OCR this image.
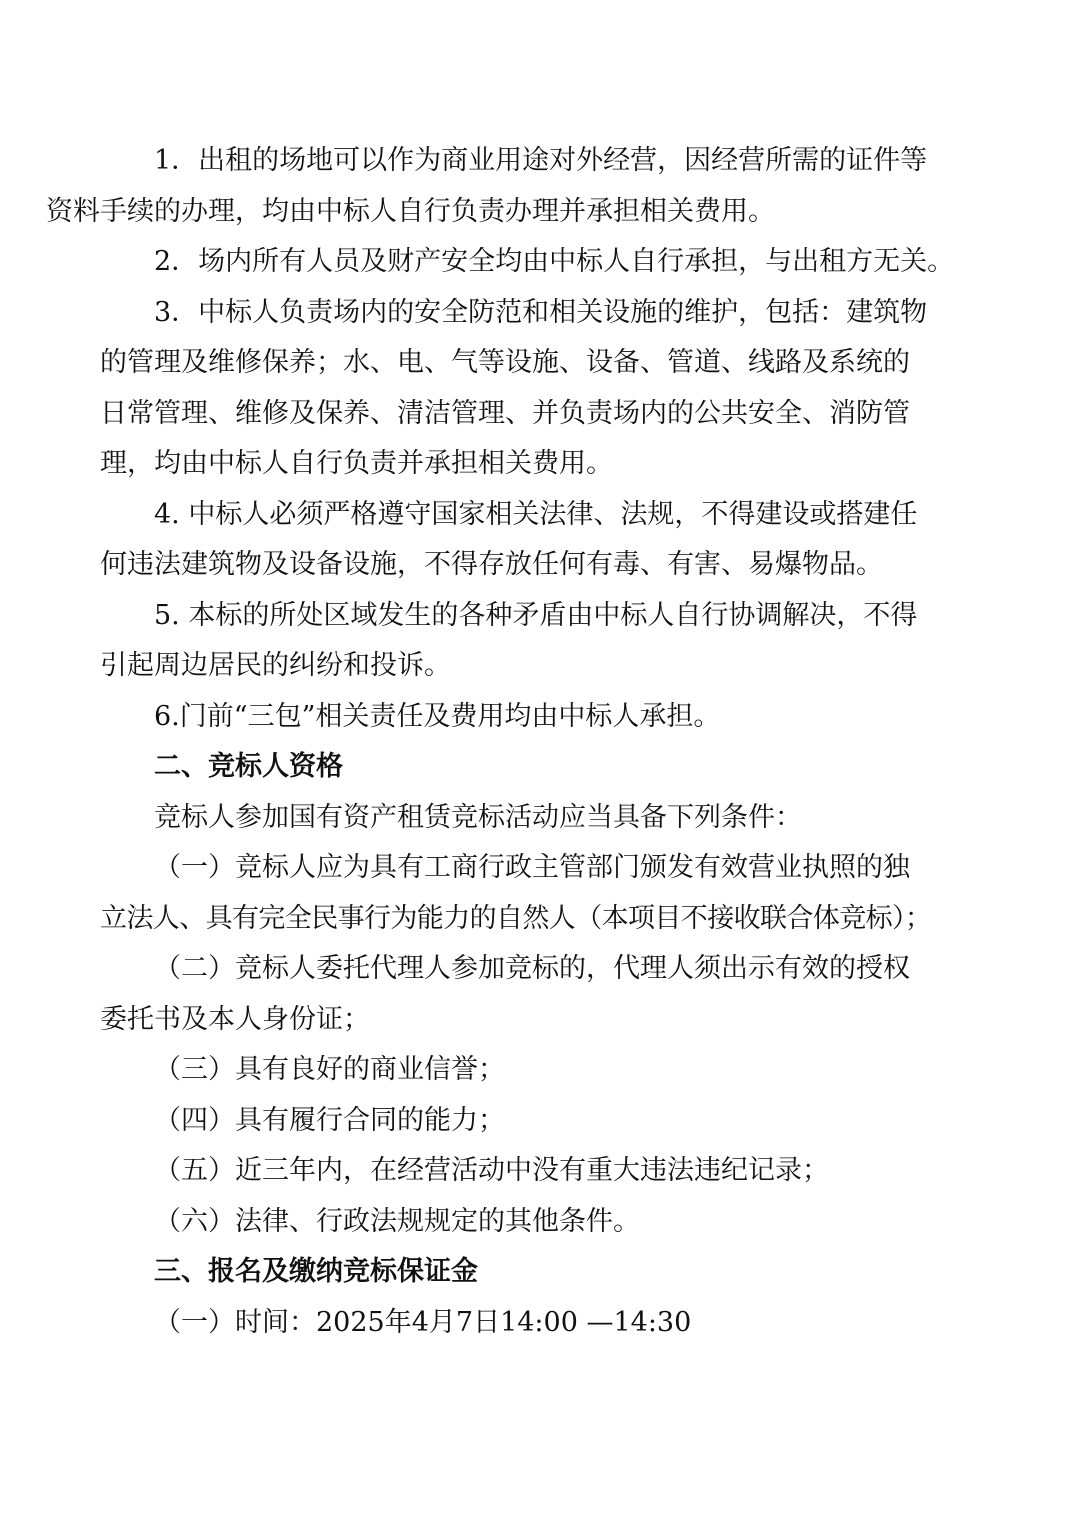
1．出租的场地可以作为商业用途对外经营，因经营所需的证件等
资料手续的办理，均由中标人自行负责办理并承担相关费用。

2．场内所有人员及财产安全均由中标人自行承担，与出租方无关。

3．中标人负责场内的安全防范和相关设施的维护，包括：建筑物
的管理及维修保养；水、电、气等设施、设备、管道、线路及系统的
日常管理、维修及保养、清洁管理、并负责场内的公共安全、消防管
理，均由中标人自行负责并承担相关费用。

4. 中标人必须严格遵守国家相关法律、法规，不得建设或搭建任
何违法建筑物及设备设施，不得存放任何有毒、有害、易爆物品。

5. 本标的所处区域发生的各种矛盾由中标人自行协调解决，不得
引起周边居民的纠纷和投诉。

6.门前“三包”相关责任及费用均由中标人承担。

二、竞标人资格

竞标人参加国有资产租赁竞标活动应当具备下列条件：

（一）竞标人应为具有工商行政主管部门颁发有效营业执照的独
立法人、具有完全民事行为能力的自然人（本项目不接收联合体竞标）；

（二）竞标人委托代理人参加竞标的，代理人须出示有效的授权
委托书及本人身份证；

（三）具有良好的商业信誉；

（四）具有履行合同的能力；

（五）近三年内，在经营活动中没有重大违法违纪记录；

（六）法律、行政法规规定的其他条件。

三、报名及缴纳竞标保证金

（一）时间：2025年4月7日14:00 —14:30
